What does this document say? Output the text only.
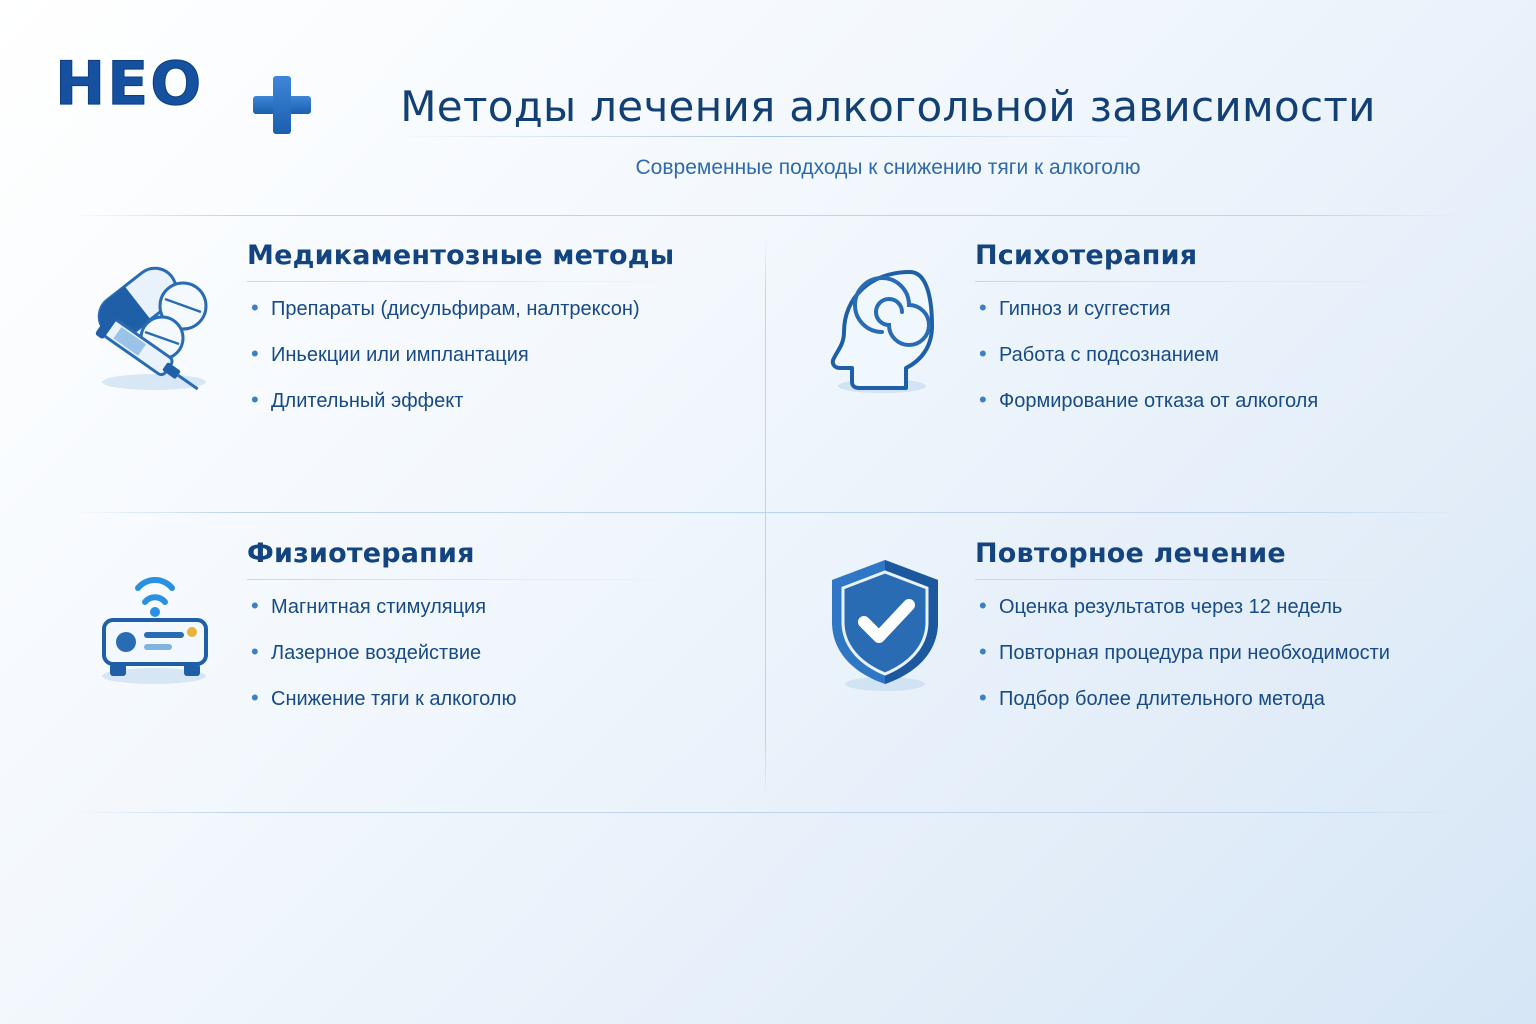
HEO	Методы лечения алкогольной зависимости
Современные подходы к снижению тяги к алкоголю
Медикаментозные методы
• Препараты (дисульфирам, налтрексон)
• Иньекции или имплантация
• Длительный эффект
Психотерапия
• Гипноз и суггестия
• Работа с подсознанием
• Формирование отказа от алкоголя
Физиотерапия
• Магнитная стимуляция
• Лазерное воздействие
• Снижение тяги к алкоголю
Повторное лечение
• Оценка результатов через 12 недель
• Повторная процедура при необходимости
• Подбор более длительного метода
